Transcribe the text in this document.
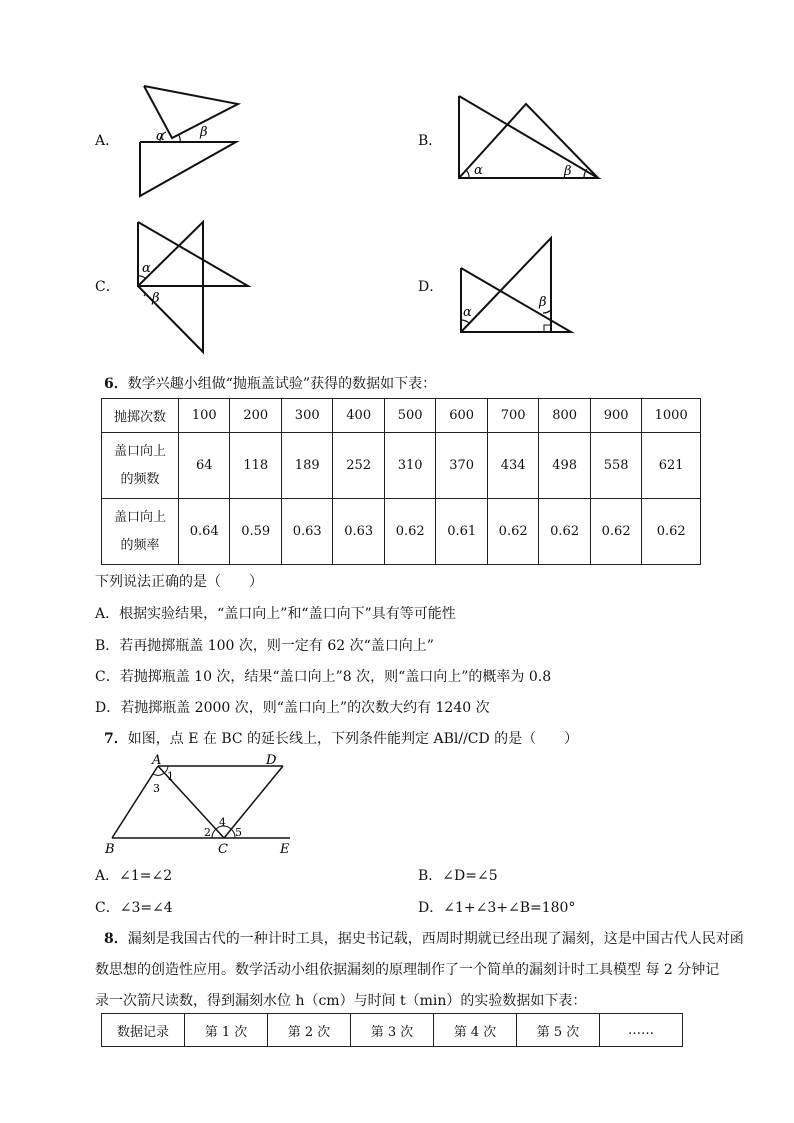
A．	α	β
B．
α	β
C．
α
β
D．
α
β
6．数学兴趣小组做“抛瓶盖试验”获得的数据如下表：
抛掷次数	100	200	300	400	500	600	700	800	900	1000
盖口向上
的频数	64	118	189	252	310	370	434	498	558	621
盖口向上
的频率	0.64	0.59	0.63	0.63	0.62	0.61	0.62	0.62	0.62	0.62
下列说法正确的是（　　）
A．根据实验结果，“盖口向上”和“盖口向下”具有等可能性
B．若再抛掷瓶盖 100 次，则一定有 62 次“盖口向上”
C．若抛掷瓶盖 10 次，结果“盖口向上”8 次，则“盖口向上”的概率为 0.8
D．若抛掷瓶盖 2000 次，则“盖口向上”的次数大约有 1240 次
7．如图，点 E 在 BC 的延长线上，下列条件能判定 ABl//CD 的是（　　）
A	D
B	C	E
1
3
2
4
5
A．∠1=∠2	B．∠D=∠5
C．∠3=∠4	D．∠1+∠3+∠B=180°
8．漏刻是我国古代的一种计时工具，据史书记载，西周时期就已经出现了漏刻，这是中国古代人民对函
数思想的创造性应用。数学活动小组依据漏刻的原理制作了一个简单的漏刻计时工具模型 每 2 分钟记
录一次箭尺读数，得到漏刻水位 h（cm）与时间 t（min）的实验数据如下表：
数据记录	第 1 次	第 2 次	第 3 次	第 4 次	第 5 次	……
